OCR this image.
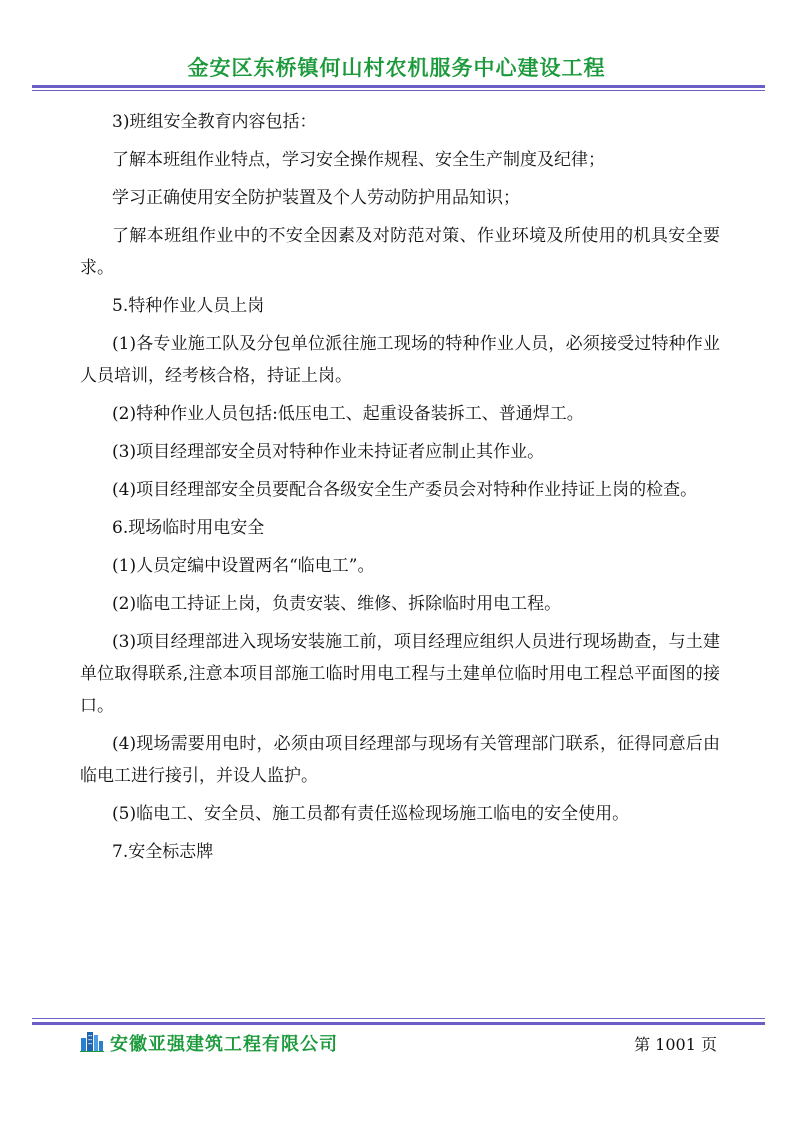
金安区东桥镇何山村农机服务中心建设工程

3)班组安全教育内容包括：

了解本班组作业特点，学习安全操作规程、安全生产制度及纪律；

学习正确使用安全防护装置及个人劳动防护用品知识；

了解本班组作业中的不安全因素及对防范对策、作业环境及所使用的机具安全要求。

5.特种作业人员上岗

(1)各专业施工队及分包单位派往施工现场的特种作业人员，必须接受过特种作业人员培训，经考核合格，持证上岗。

(2)特种作业人员包括:低压电工、起重设备装拆工、普通焊工。

(3)项目经理部安全员对特种作业未持证者应制止其作业。

(4)项目经理部安全员要配合各级安全生产委员会对特种作业持证上岗的检查。

6.现场临时用电安全

(1)人员定编中设置两名“临电工”。

(2)临电工持证上岗，负责安装、维修、拆除临时用电工程。

(3)项目经理部进入现场安装施工前，项目经理应组织人员进行现场勘查，与土建单位取得联系,注意本项目部施工临时用电工程与土建单位临时用电工程总平面图的接口。

(4)现场需要用电时，必须由项目经理部与现场有关管理部门联系，征得同意后由临电工进行接引，并设人监护。

(5)临电工、安全员、施工员都有责任巡检现场施工临电的安全使用。

7.安全标志牌

安徽亚强建筑工程有限公司	第 1001 页
